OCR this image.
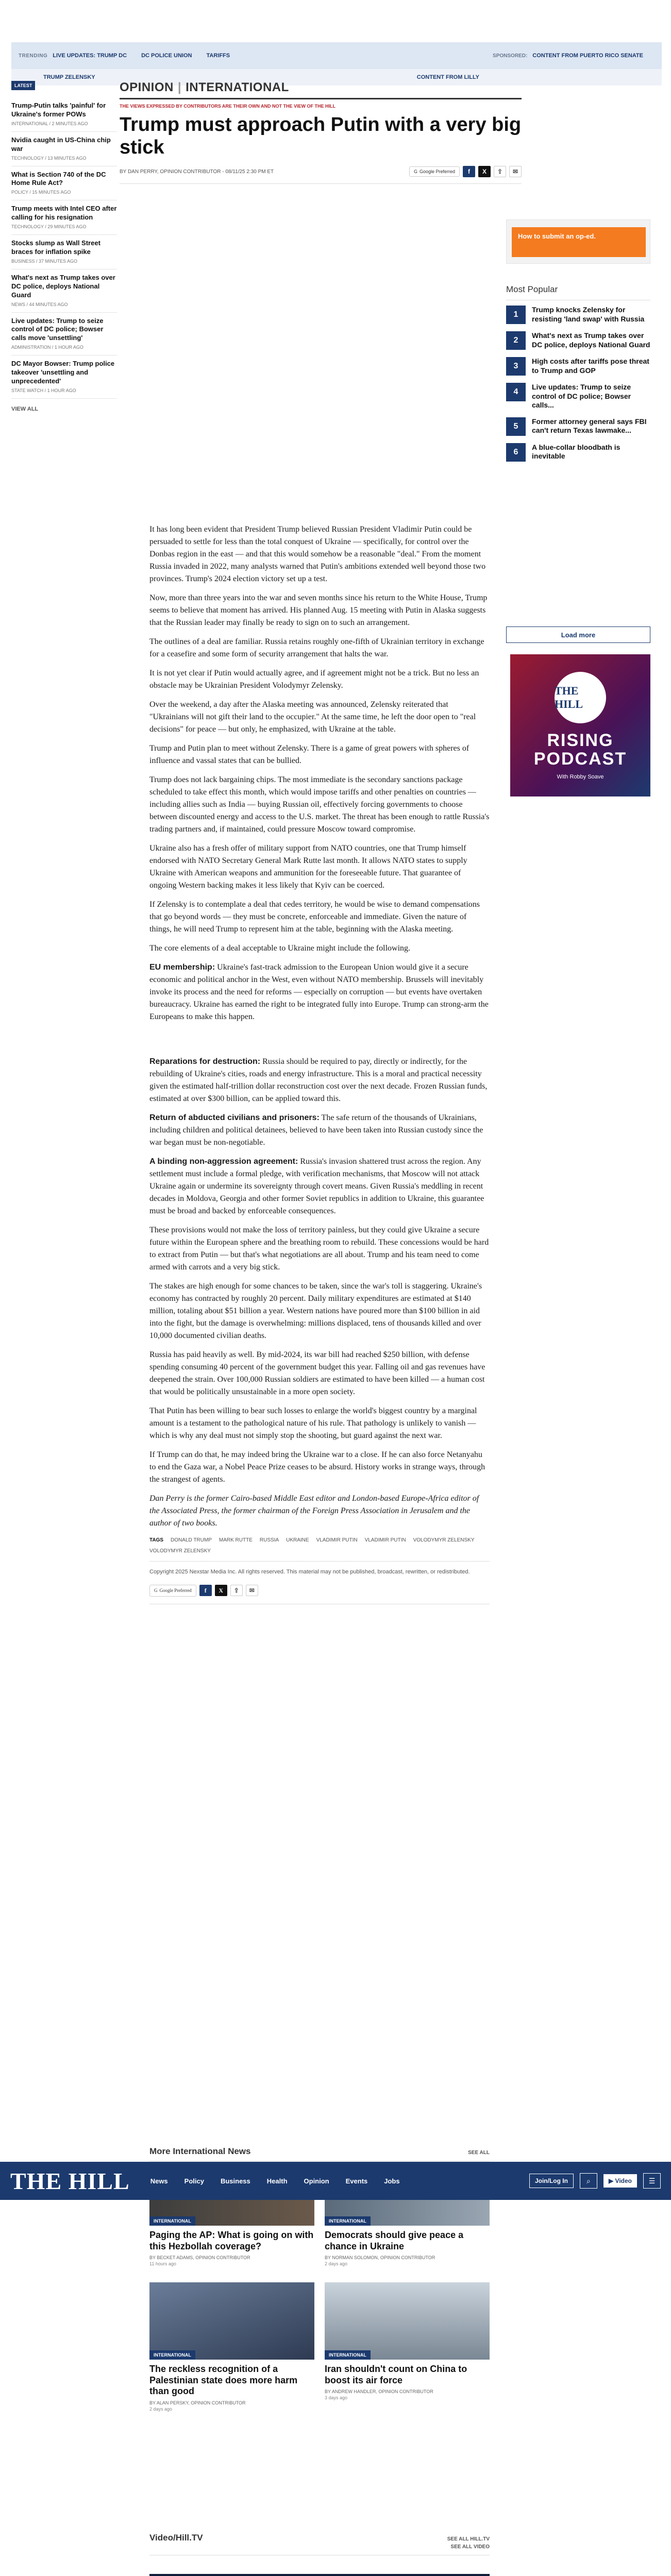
TRENDING LIVE UPDATES: TRUMP DC	DC POLICE UNION	TARIFFS	SPONSORED: CONTENT FROM PUERTO RICO SENATE
TRUMP ZELENSKY	CONTENT FROM LILLY
LATEST
Trump-Putin talks 'painful' for Ukraine's former POWs
INTERNATIONAL / 2 MINUTES AGO
Nvidia caught in US-China chip war
TECHNOLOGY / 13 MINUTES AGO
What is Section 740 of the DC Home Rule Act?
POLICY / 15 MINUTES AGO
Trump meets with Intel CEO after calling for his resignation
TECHNOLOGY / 29 MINUTES AGO
Stocks slump as Wall Street braces for inflation spike
BUSINESS / 37 MINUTES AGO
What's next as Trump takes over DC police, deploys National Guard
NEWS / 44 MINUTES AGO
Live updates: Trump to seize control of DC police; Bowser calls move 'unsettling'
ADMINISTRATION / 1 HOUR AGO
DC Mayor Bowser: Trump police takeover 'unsettling and unprecedented'
STATE WATCH / 1 HOUR AGO
VIEW ALL
OPINION | INTERNATIONAL
THE VIEWS EXPRESSED BY CONTRIBUTORS ARE THEIR OWN AND NOT THE VIEW OF THE HILL
Trump must approach Putin with a very big stick
BY DAN PERRY, OPINION CONTRIBUTOR - 08/11/25 2:30 PM ET	G Google Preferred	f	X	⇪	✉
How to submit an op-ed.
Most Popular
1
Trump knocks Zelensky for resisting 'land swap' with Russia
2
What's next as Trump takes over DC police, deploys National Guard
3
High costs after tariffs pose threat to Trump and GOP
4
Live updates: Trump to seize control of DC police; Bowser calls...
5
Former attorney general says FBI can't return Texas lawmake...
6
A blue-collar bloodbath is inevitable
Load more
THE HILL
RISING PODCAST
With Robby Soave

It has long been evident that President Trump believed Russian President Vladimir Putin could be persuaded to settle for less than the total conquest of Ukraine — specifically, for control over the Donbas region in the east — and that this would somehow be a reasonable "deal." From the moment Russia invaded in 2022, many analysts warned that Putin's ambitions extended well beyond those two provinces. Trump's 2024 election victory set up a test.

Now, more than three years into the war and seven months since his return to the White House, Trump seems to believe that moment has arrived. His planned Aug. 15 meeting with Putin in Alaska suggests that the Russian leader may finally be ready to sign on to such an arrangement.

The outlines of a deal are familiar. Russia retains roughly one-fifth of Ukrainian territory in exchange for a ceasefire and some form of security arrangement that halts the war.

It is not yet clear if Putin would actually agree, and if agreement might not be a trick. But no less an obstacle may be Ukrainian President Volodymyr Zelensky.

Over the weekend, a day after the Alaska meeting was announced, Zelensky reiterated that "Ukrainians will not gift their land to the occupier." At the same time, he left the door open to "real decisions" for peace — but only, he emphasized, with Ukraine at the table.

Trump and Putin plan to meet without Zelensky. There is a game of great powers with spheres of influence and vassal states that can be bullied.

Trump does not lack bargaining chips. The most immediate is the secondary sanctions package scheduled to take effect this month, which would impose tariffs and other penalties on countries — including allies such as India — buying Russian oil, effectively forcing governments to choose between discounted energy and access to the U.S. market. The threat has been enough to rattle Russia's trading partners and, if maintained, could pressure Moscow toward compromise.

Ukraine also has a fresh offer of military support from NATO countries, one that Trump himself endorsed with NATO Secretary General Mark Rutte last month. It allows NATO states to supply Ukraine with American weapons and ammunition for the foreseeable future. That guarantee of ongoing Western backing makes it less likely that Kyiv can be coerced.

If Zelensky is to contemplate a deal that cedes territory, he would be wise to demand compensations that go beyond words — they must be concrete, enforceable and immediate. Given the nature of things, he will need Trump to represent him at the table, beginning with the Alaska meeting.

The core elements of a deal acceptable to Ukraine might include the following.

EU membership: Ukraine's fast-track admission to the European Union would give it a secure economic and political anchor in the West, even without NATO membership. Brussels will inevitably invoke its process and the need for reforms — especially on corruption — but events have overtaken bureaucracy. Ukraine has earned the right to be integrated fully into Europe. Trump can strong-arm the Europeans to make this happen.

Reparations for destruction: Russia should be required to pay, directly or indirectly, for the rebuilding of Ukraine's cities, roads and energy infrastructure. This is a moral and practical necessity given the estimated half-trillion dollar reconstruction cost over the next decade. Frozen Russian funds, estimated at over $300 billion, can be applied toward this.

Return of abducted civilians and prisoners: The safe return of the thousands of Ukrainians, including children and political detainees, believed to have been taken into Russian custody since the war began must be non-negotiable.

A binding non-aggression agreement: Russia's invasion shattered trust across the region. Any settlement must include a formal pledge, with verification mechanisms, that Moscow will not attack Ukraine again or undermine its sovereignty through covert means. Given Russia's meddling in recent decades in Moldova, Georgia and other former Soviet republics in addition to Ukraine, this guarantee must be broad and backed by enforceable consequences.

These provisions would not make the loss of territory painless, but they could give Ukraine a secure future within the European sphere and the breathing room to rebuild. These concessions would be hard to extract from Putin — but that's what negotiations are all about. Trump and his team need to come armed with carrots and a very big stick.

The stakes are high enough for some chances to be taken, since the war's toll is staggering. Ukraine's economy has contracted by roughly 20 percent. Daily military expenditures are estimated at $140 million, totaling about $51 billion a year. Western nations have poured more than $100 billion in aid into the fight, but the damage is overwhelming: millions displaced, tens of thousands killed and over 10,000 documented civilian deaths.

Russia has paid heavily as well. By mid-2024, its war bill had reached $250 billion, with defense spending consuming 40 percent of the government budget this year. Falling oil and gas revenues have deepened the strain. Over 100,000 Russian soldiers are estimated to have been killed — a human cost that would be politically unsustainable in a more open society.

That Putin has been willing to bear such losses to enlarge the world's biggest country by a marginal amount is a testament to the pathological nature of his rule. That pathology is unlikely to vanish — which is why any deal must not simply stop the shooting, but guard against the next war.

If Trump can do that, he may indeed bring the Ukraine war to a close. If he can also force Netanyahu to end the Gaza war, a Nobel Peace Prize ceases to be absurd. History works in strange ways, through the strangest of agents.

Dan Perry is the former Cairo-based Middle East editor and London-based Europe-Africa editor of the Associated Press, the former chairman of the Foreign Press Association in Jerusalem and the author of two books.

TAGS DONALD TRUMP MARK RUTTE RUSSIA UKRAINE VLADIMIR PUTIN VLADIMIR PUTIN VOLODYMYR ZELENSKY
VOLODYMYR ZELENSKY
Copyright 2025 Nexstar Media Inc. All rights reserved. This material may not be published, broadcast, rewritten, or redistributed.
G Google Preferred	f	X	⇪	✉
More International News	SEE ALL
THE HILL	News Policy Business Health Opinion Events Jobs	Join/Log In	⌕	▶ Video	☰
INTERNATIONAL
Paging the AP: What is going on with this Hezbollah coverage?
BY BECKET ADAMS, OPINION CONTRIBUTOR
11 hours ago
INTERNATIONAL
Democrats should give peace a chance in Ukraine
BY NORMAN SOLOMON, OPINION CONTRIBUTOR
2 days ago
INTERNATIONAL
The reckless recognition of a Palestinian state does more harm than good
BY ALAN PERSKY, OPINION CONTRIBUTOR
2 days ago
INTERNATIONAL
Iran shouldn't count on China to boost its air force
BY ANDREW HANDLER, OPINION CONTRIBUTOR
3 days ago
Video/Hill.TV	SEE ALL HILL.TV
SEE ALL VIDEO
